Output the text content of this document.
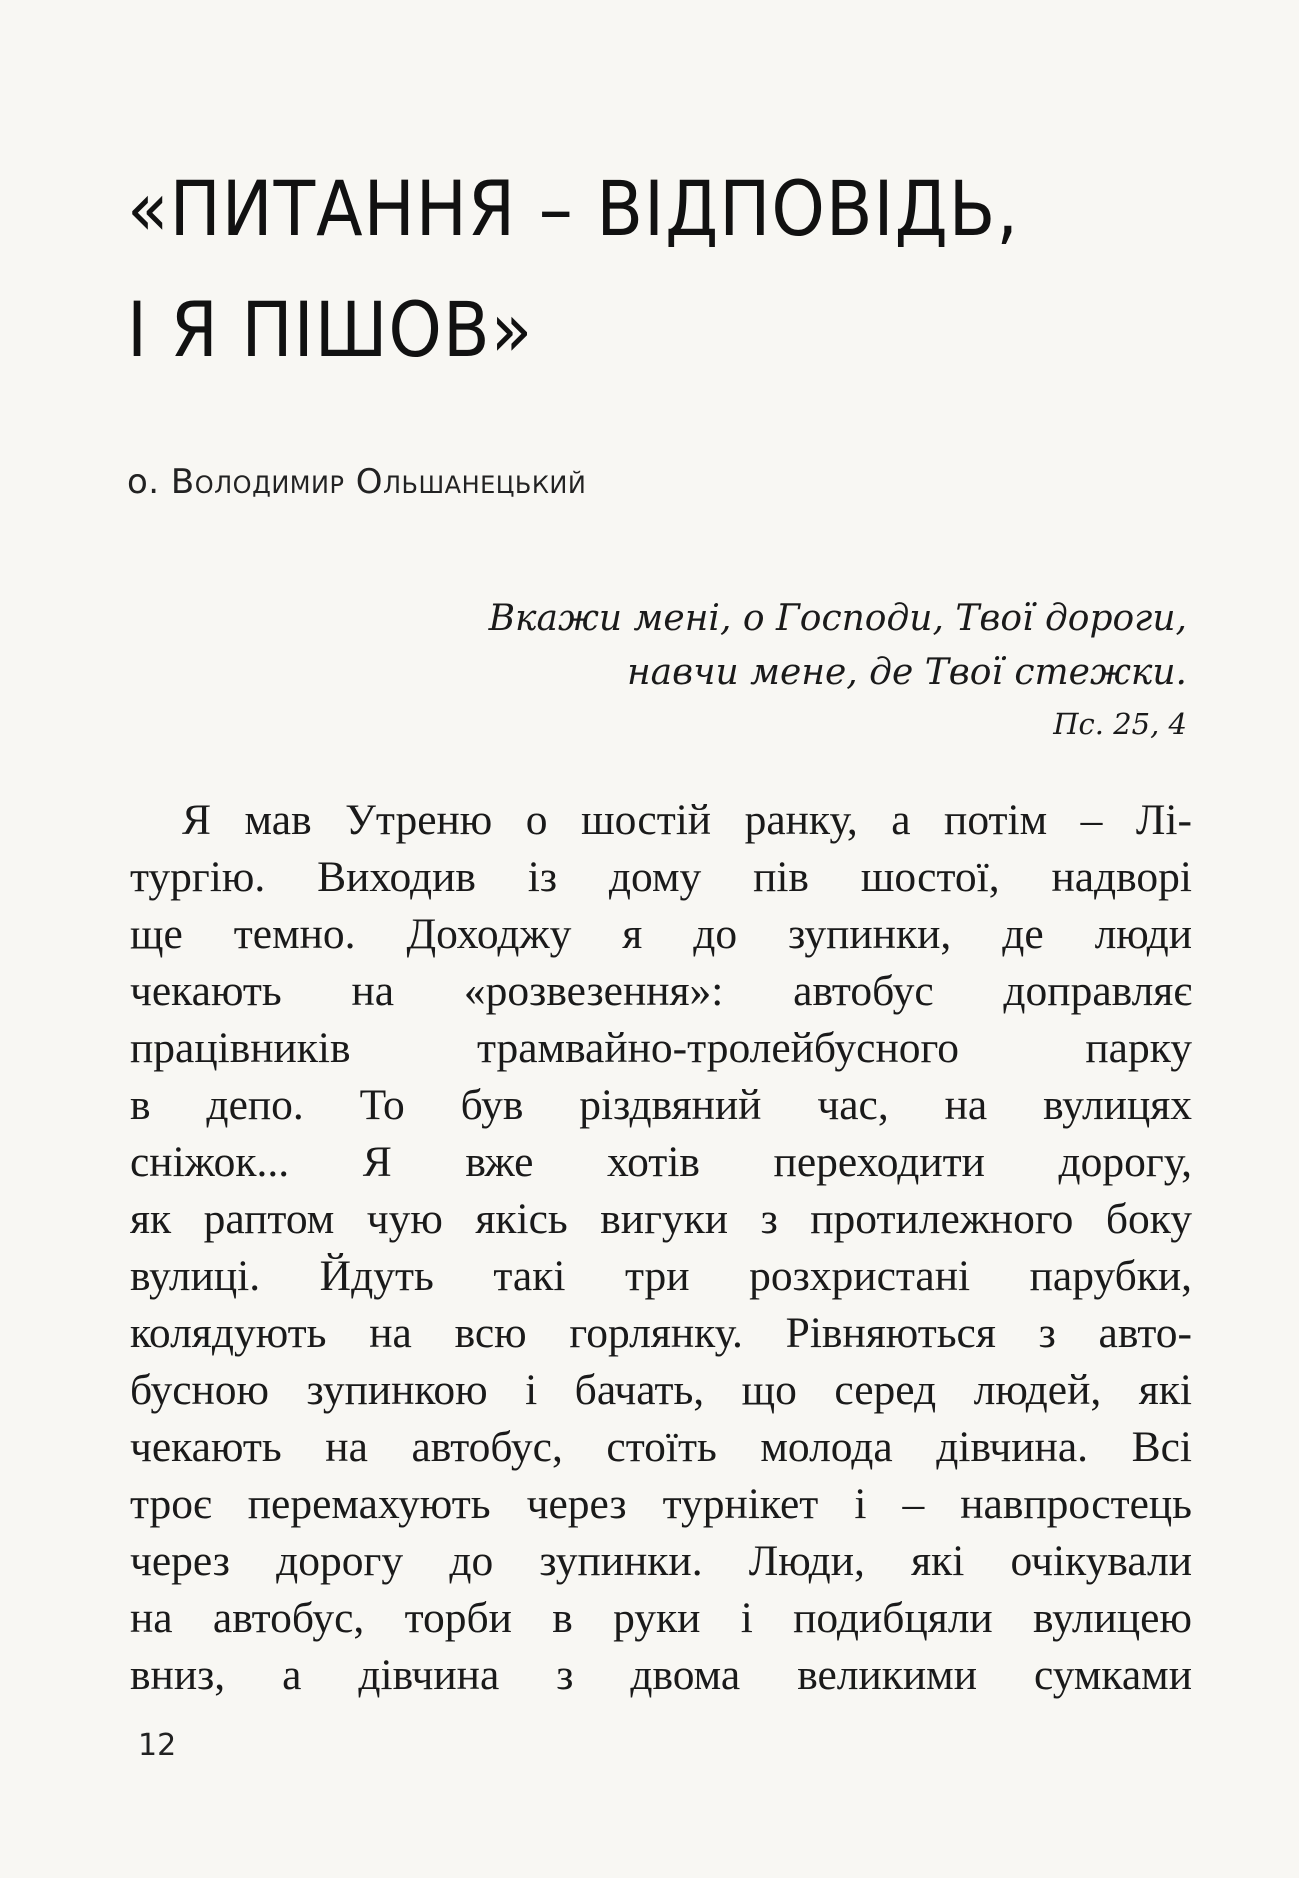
«ПИТАННЯ – ВІДПОВІДЬ,
І Я ПІШОВ»
о. Володимир Ольшанецький
Вкажи мені, о Господи, Твої дороги,
навчи мене, де Твої стежки.
Пс. 25, 4
Я мав Утреню о шостій ранку, а потім – Лі-
тургію. Виходив із дому пів шостої, надворі
ще темно. Доходжу я до зупинки, де люди
чекають на «розвезення»: автобус доправляє
працівників трамвайно-тролейбусного парку
в депо. То був різдвяний час, на вулицях
сніжок... Я вже хотів переходити дорогу,
як раптом чую якісь вигуки з протилежного боку
вулиці. Йдуть такі три розхристані парубки,
колядують на всю горлянку. Рівняються з авто-
бусною зупинкою і бачать, що серед людей, які
чекають на автобус, стоїть молода дівчина. Всі
троє перемахують через турнікет і – навпростець
через дорогу до зупинки. Люди, які очікували
на автобус, торби в руки і подибцяли вулицею
вниз, а дівчина з двома великими сумками
12
